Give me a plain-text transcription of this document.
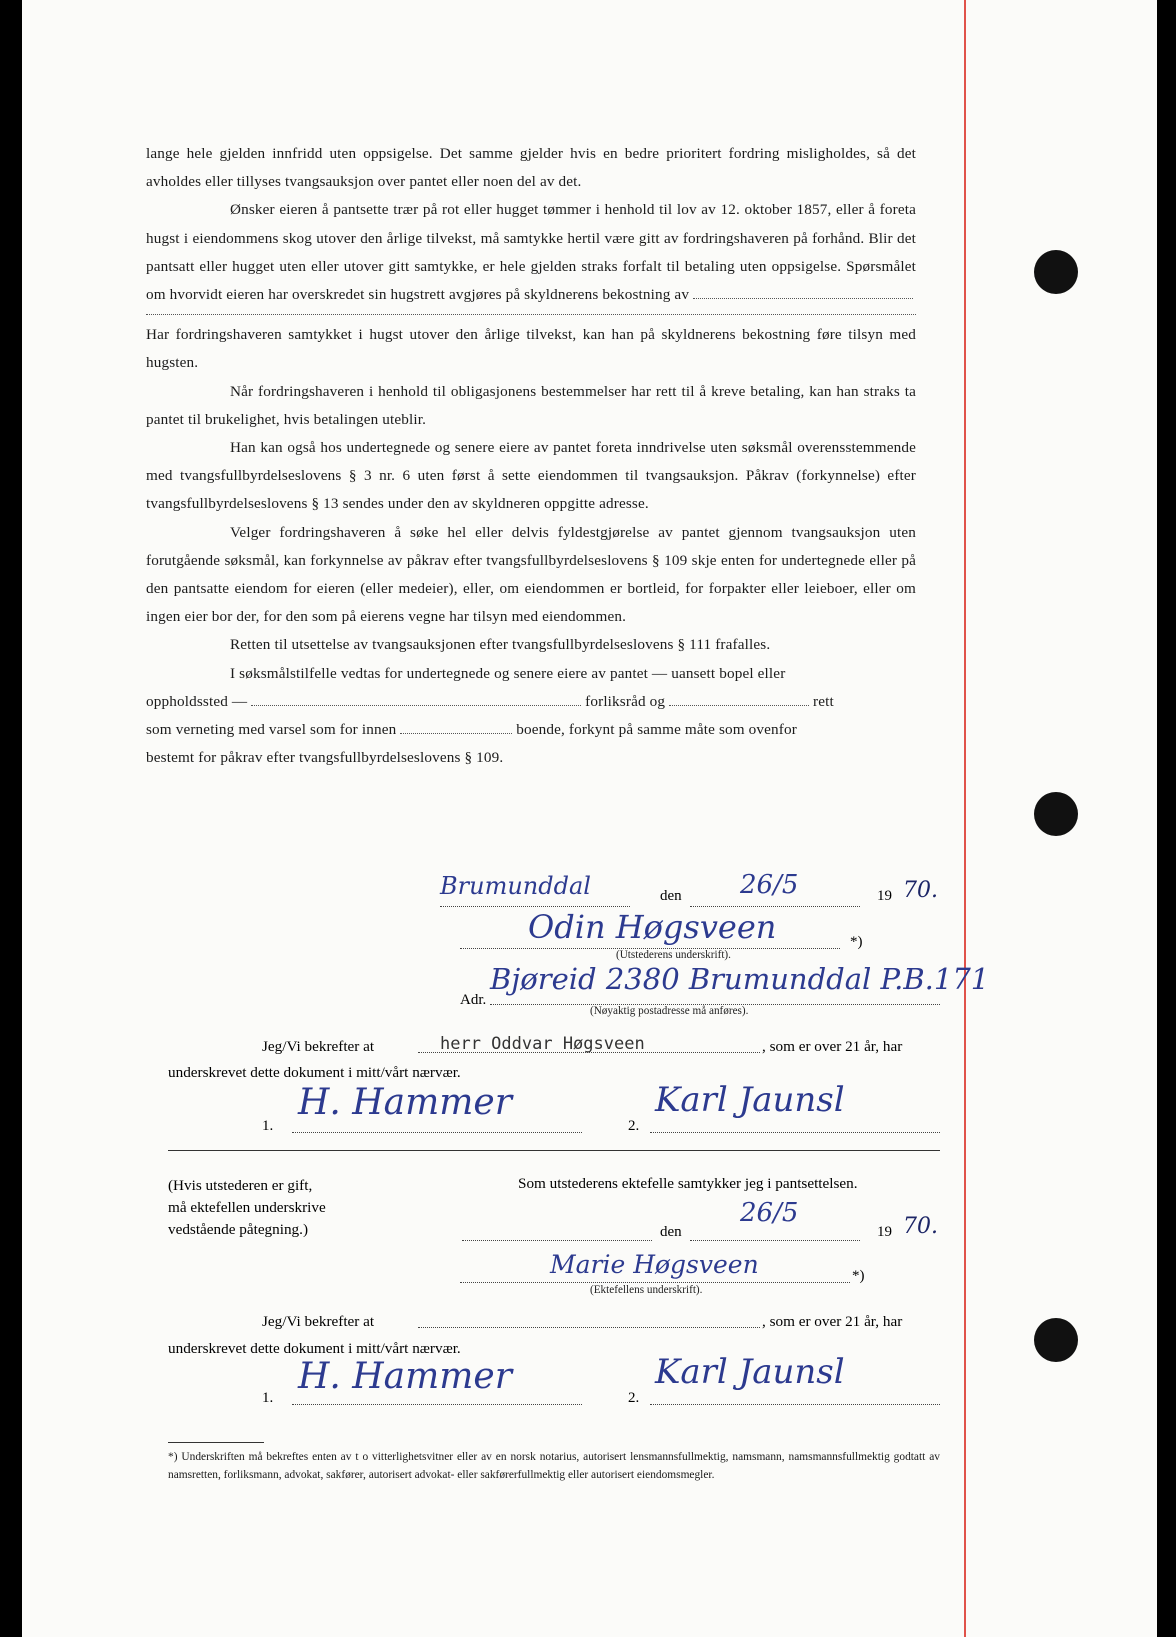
lange hele gjelden innfridd uten oppsigelse. Det samme gjelder hvis en bedre prioritert fordring misligholdes, så det avholdes eller tillyses tvangsauksjon over pantet eller noen del av det.

Ønsker eieren å pantsette trær på rot eller hugget tømmer i henhold til lov av 12. oktober 1857, eller å foreta hugst i eiendommens skog utover den årlige tilvekst, må samtykke hertil være gitt av fordringshaveren på forhånd. Blir det pantsatt eller hugget uten eller utover gitt samtykke, er hele gjelden straks forfalt til betaling uten oppsigelse. Spørsmålet om hvorvidt eieren har overskredet sin hugstrett avgjøres på skyldnerens bekostning av

Har fordringshaveren samtykket i hugst utover den årlige tilvekst, kan han på skyldnerens bekostning føre tilsyn med hugsten.

Når fordringshaveren i henhold til obligasjonens bestemmelser har rett til å kreve betaling, kan han straks ta pantet til brukelighet, hvis betalingen uteblir.

Han kan også hos undertegnede og senere eiere av pantet foreta inndrivelse uten søksmål overensstemmende med tvangsfullbyrdelseslovens § 3 nr. 6 uten først å sette eiendommen til tvangsauksjon. Påkrav (forkynnelse) efter tvangsfullbyrdelseslovens § 13 sendes under den av skyldneren oppgitte adresse.

Velger fordringshaveren å søke hel eller delvis fyldestgjørelse av pantet gjennom tvangsauksjon uten forutgående søksmål, kan forkynnelse av påkrav efter tvangsfullbyrdelseslovens § 109 skje enten for undertegnede eller på den pantsatte eiendom for eieren (eller medeier), eller, om eiendommen er bortleid, for forpakter eller leieboer, eller om ingen eier bor der, for den som på eierens vegne har tilsyn med eiendommen.

Retten til utsettelse av tvangsauksjonen efter tvangsfullbyrdelseslovens § 111 frafalles.

I søksmålstilfelle vedtas for undertegnede og senere eiere av pantet — uansett bopel eller

oppholdssted —	forliksråd og	rett

som verneting med varsel som for innen	boende, forkynt på samme måte som ovenfor

bestemt for påkrav efter tvangsfullbyrdelseslovens § 109.

Brumunddal	den 26/5	19 70.
Odin Høgsveen	*)
(Utstederens underskrift).
Adr.
Bjøreid 2380 Brumunddal P.B.171
(Nøyaktig postadresse må anføres).
Jeg/Vi bekrefter at	herr Oddvar Høgsveen	, som er over 21 år, har
underskrevet dette dokument i mitt/vårt nærvær.
1.
H. Hammer
2.
Karl Jaunsl
(Hvis utstederen er gift,
må ektefellen underskrive
vedstående påtegning.)
Som utstederens ektefelle samtykker jeg i pantsettelsen.
den
26/5
19 70.
Marie Høgsveen	*)
(Ektefellens underskrift).
Jeg/Vi bekrefter at	, som er over 21 år, har
underskrevet dette dokument i mitt/vårt nærvær.
1.
H. Hammer
2.
Karl Jaunsl
*) Underskriften må bekreftes enten av t o vitterlighetsvitner eller av en norsk notarius, autorisert lensmannsfullmektig, namsmann, namsmannsfullmektig godtatt av namsretten, forliksmann, advokat, sakfører, autorisert advokat- eller sakførerfullmektig eller autorisert eiendomsmegler.
